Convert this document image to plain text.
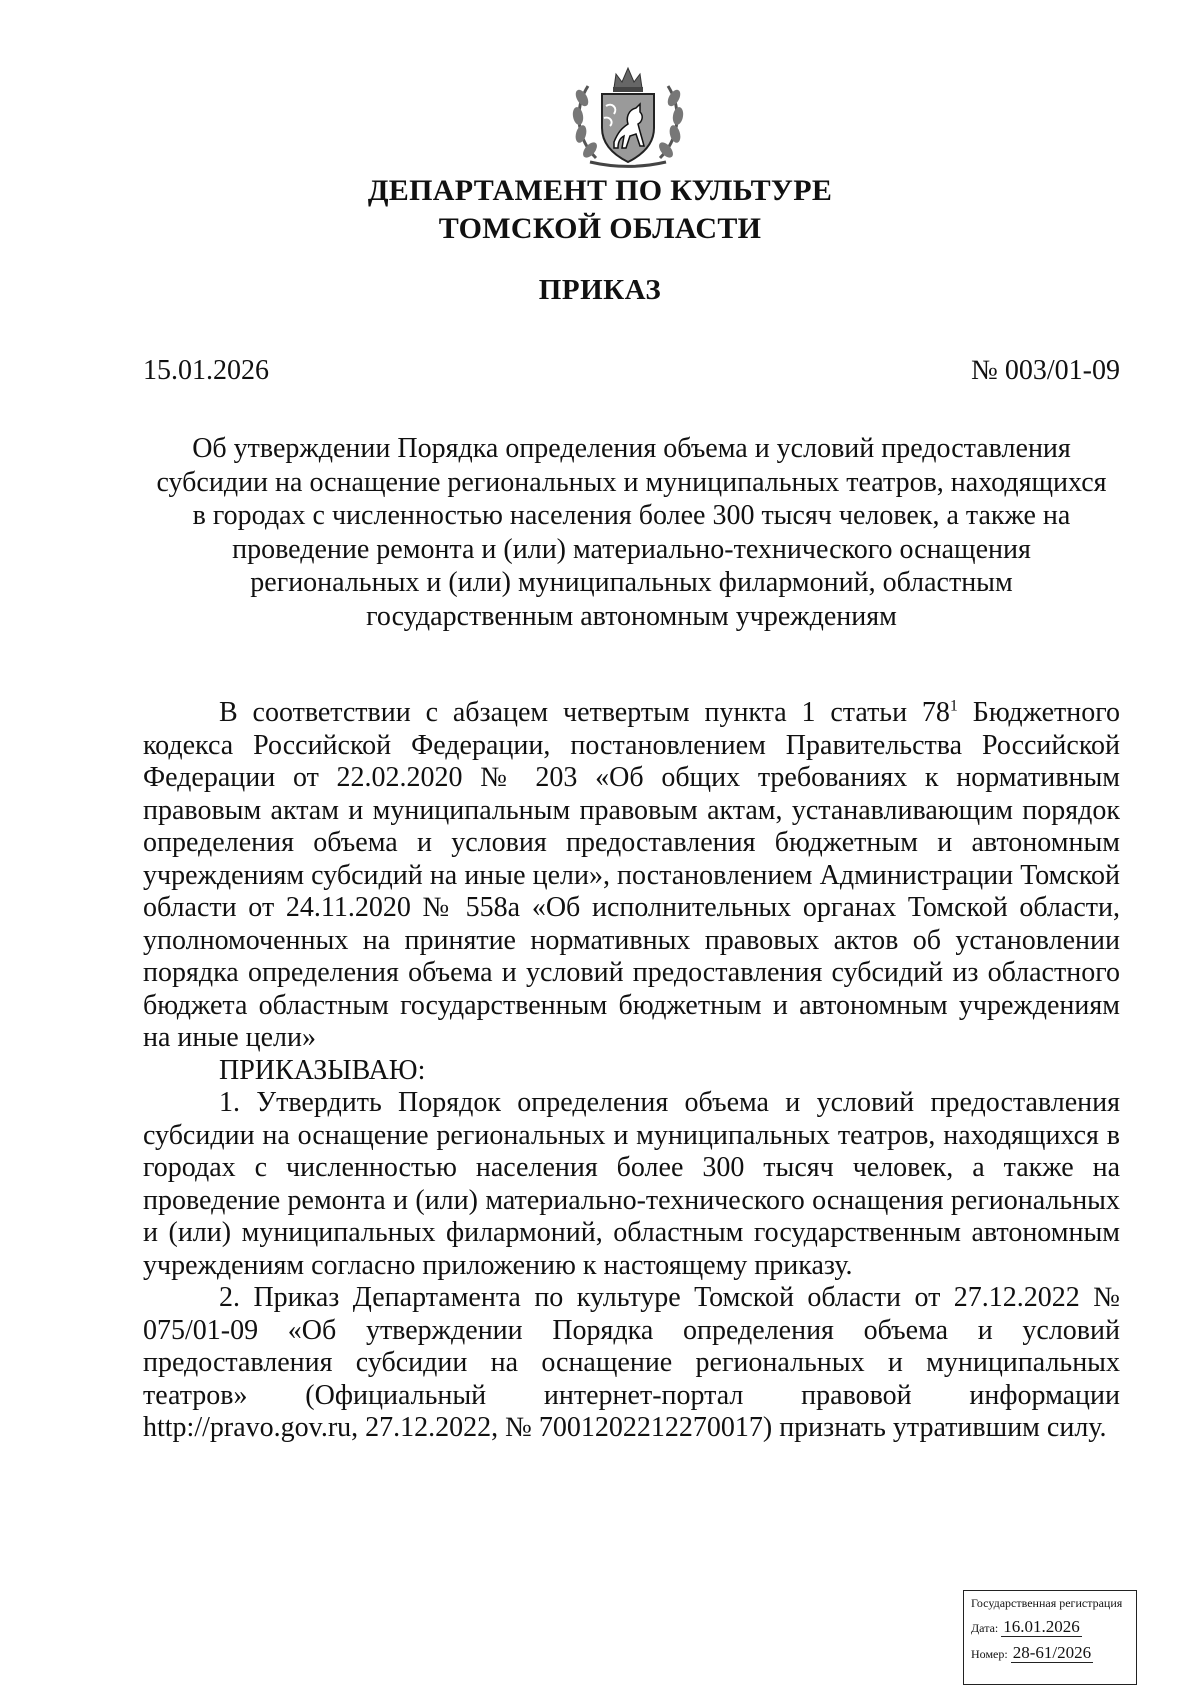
ДЕПАРТАМЕНТ ПО КУЛЬТУРЕ
ТОМСКОЙ ОБЛАСТИ
ПРИКАЗ
15.01.2026	№ 003/01-09
Об утверждении Порядка определения объема и условий предоставления
субсидии на оснащение региональных и муниципальных театров, находящихся
в городах с численностью населения более 300 тысяч человек, а также на
проведение ремонта и (или) материально-технического оснащения
региональных и (или) муниципальных филармоний, областным
государственным автономным учреждениям

В соответствии с абзацем четвертым пункта 1 статьи $78^1$ Бюджетного кодекса Российской Федерации, постановлением Правительства Российской Федерации от 22.02.2020 № 203 «Об общих требованиях к нормативным правовым актам и муниципальным правовым актам, устанавливающим порядок определения объема и условия предоставления бюджетным и автономным учреждениям субсидий на иные цели», постановлением Администрации Томской области от 24.11.2020 № 558а «Об исполнительных органах Томской области, уполномоченных на принятие нормативных правовых актов об установлении порядка определения объема и условий предоставления субсидий из областного бюджета областным государственным бюджетным и автономным учреждениям на иные цели»

ПРИКАЗЫВАЮ:

1. Утвердить Порядок определения объема и условий предоставления субсидии на оснащение региональных и муниципальных театров, находящихся в городах с численностью населения более 300 тысяч человек, а также на проведение ремонта и (или) материально-технического оснащения региональных и (или) муниципальных филармоний, областным государственным автономным учреждениям согласно приложению к настоящему приказу.

2. Приказ Департамента по культуре Томской области от 27.12.2022 № 075/01-09 «Об утверждении Порядка определения объема и условий предоставления субсидии на оснащение региональных и муниципальных театров» (Официальный интернет-портал правовой информации http://pravo.gov.ru, 27.12.2022, № 7001202212270017) признать утратившим силу.

Государственная регистрация
Дата: 16.01.2026
Номер: 28-61/2026
